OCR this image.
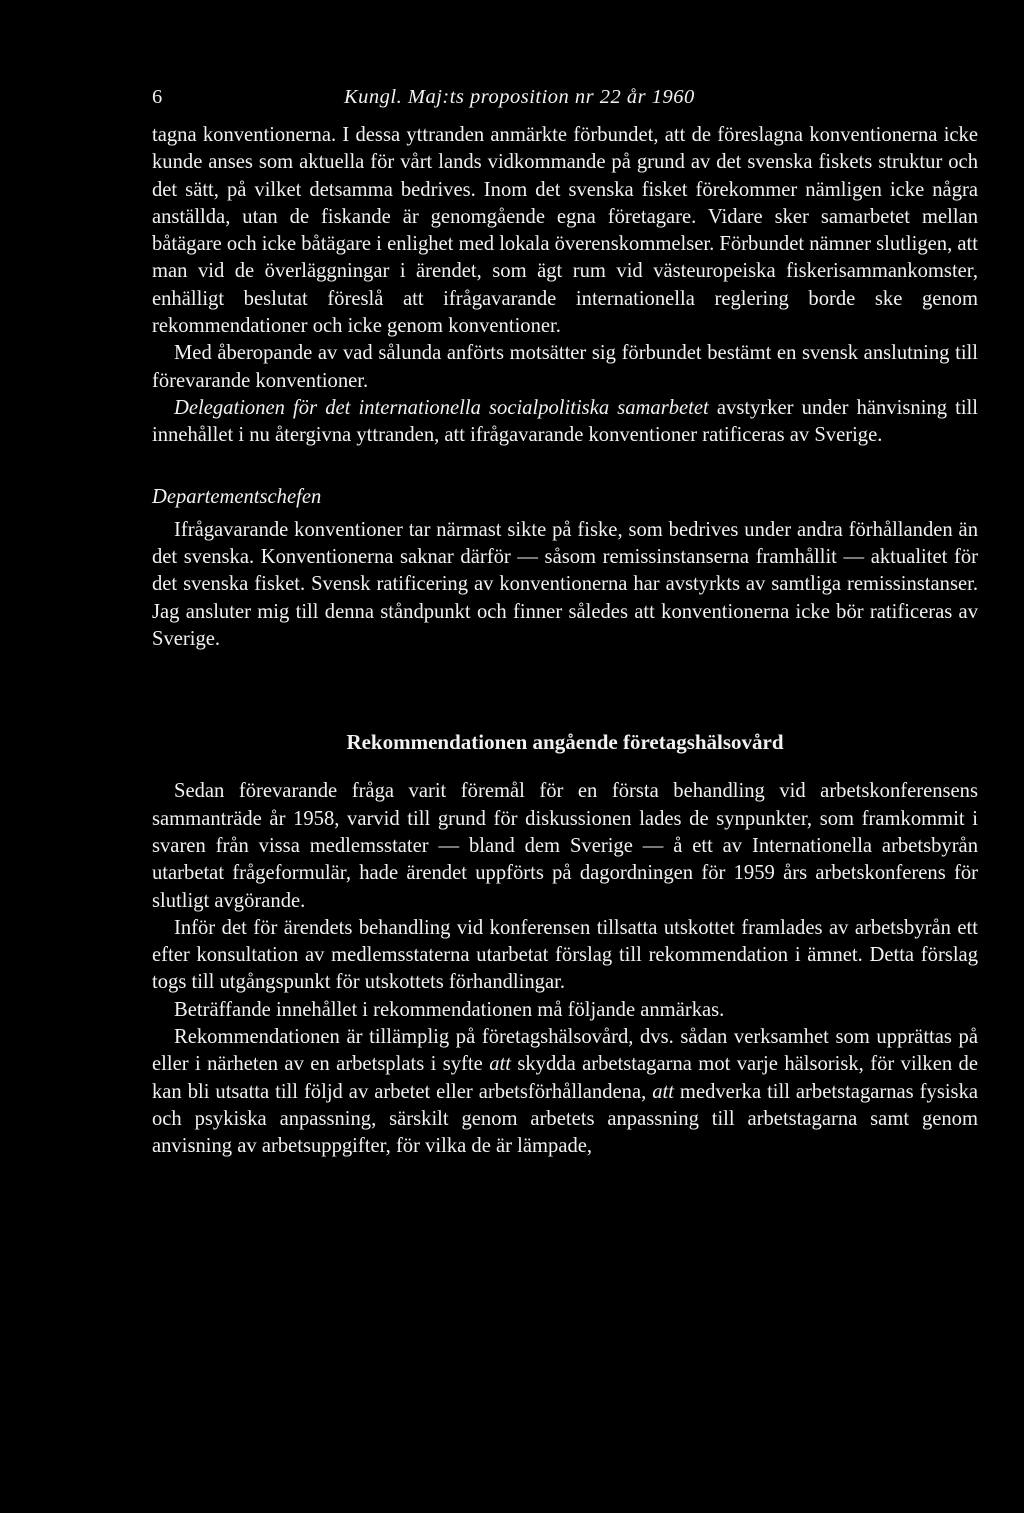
6	Kungl. Maj:ts proposition nr 22 år 1960

tagna konventionerna. I dessa yttranden anmärkte förbundet, att de föreslagna konventionerna icke kunde anses som aktuella för vårt lands vidkommande på grund av det svenska fiskets struktur och det sätt, på vilket detsamma bedrives. Inom det svenska fisket förekommer nämligen icke några anställda, utan de fiskande är genomgående egna företagare. Vidare sker samarbetet mellan båtägare och icke båtägare i enlighet med lokala överenskommelser. Förbundet nämner slutligen, att man vid de överläggningar i ärendet, som ägt rum vid västeuropeiska fiskerisammankomster, enhälligt beslutat föreslå att ifrågavarande internationella reglering borde ske genom rekommendationer och icke genom konventioner.

Med åberopande av vad sålunda anförts motsätter sig förbundet bestämt en svensk anslutning till förevarande konventioner.

Delegationen för det internationella socialpolitiska samarbetet avstyrker under hänvisning till innehållet i nu återgivna yttranden, att ifrågavarande konventioner ratificeras av Sverige.

Departementschefen

Ifrågavarande konventioner tar närmast sikte på fiske, som bedrives under andra förhållanden än det svenska. Konventionerna saknar därför — såsom remissinstanserna framhållit — aktualitet för det svenska fisket. Svensk ratificering av konventionerna har avstyrkts av samtliga remissinstanser. Jag ansluter mig till denna ståndpunkt och finner således att konventionerna icke bör ratificeras av Sverige.

Rekommendationen angående företagshälsovård

Sedan förevarande fråga varit föremål för en första behandling vid arbetskonferensens sammanträde år 1958, varvid till grund för diskussionen lades de synpunkter, som framkommit i svaren från vissa medlemsstater — bland dem Sverige — å ett av Internationella arbetsbyrån utarbetat frågeformulär, hade ärendet uppförts på dagordningen för 1959 års arbetskonferens för slutligt avgörande.

Inför det för ärendets behandling vid konferensen tillsatta utskottet framlades av arbetsbyrån ett efter konsultation av medlemsstaterna utarbetat förslag till rekommendation i ämnet. Detta förslag togs till utgångspunkt för utskottets förhandlingar.

Beträffande innehållet i rekommendationen må följande anmärkas.

Rekommendationen är tillämplig på företagshälsovård, dvs. sådan verksamhet som upprättas på eller i närheten av en arbetsplats i syfte att skydda arbetstagarna mot varje hälsorisk, för vilken de kan bli utsatta till följd av arbetet eller arbetsförhållandena, att medverka till arbetstagarnas fysiska och psykiska anpassning, särskilt genom arbetets anpassning till arbetstagarna samt genom anvisning av arbetsuppgifter, för vilka de är lämpade,
